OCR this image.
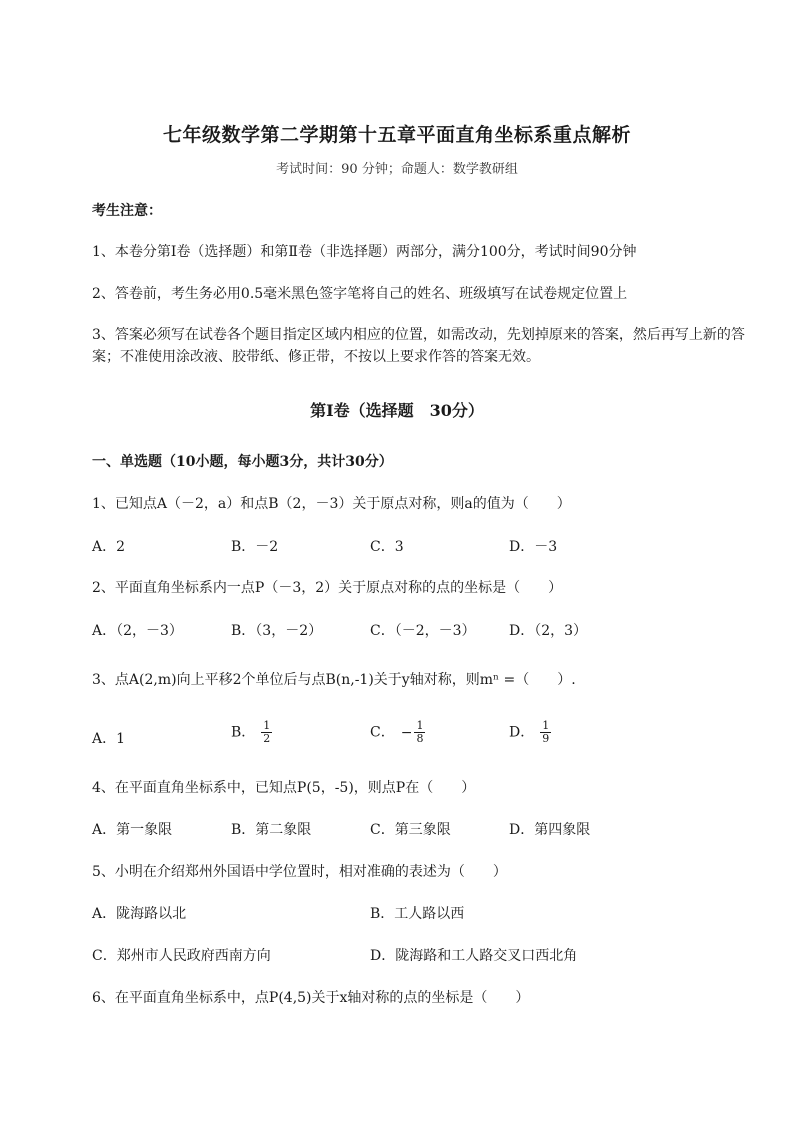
七年级数学第二学期第十五章平面直角坐标系重点解析
考试时间：90 分钟；命题人：数学教研组
考生注意：
1、本卷分第Ⅰ卷（选择题）和第Ⅱ卷（非选择题）两部分，满分100分，考试时间90分钟
2、答卷前，考生务必用0.5毫米黑色签字笔将自己的姓名、班级填写在试卷规定位置上
3、答案必须写在试卷各个题目指定区域内相应的位置，如需改动，先划掉原来的答案，然后再写上新的答案；不准使用涂改液、胶带纸、修正带，不按以上要求作答的答案无效。
第Ⅰ卷（选择题　30分）
一、单选题（10小题，每小题3分，共计30分）
1、已知点A（－2，a）和点B（2，－3）关于原点对称，则a的值为（　　）
A．2	B．－2	C．3	D．－3
2、平面直角坐标系内一点P（－3，2）关于原点对称的点的坐标是（　　）
A．（2，－3）	B．（3，－2）	C．（－2，－3） D．（2，3）
3、点A(2,m)向上平移2个单位后与点B(n,-1)关于y轴对称，则mⁿ =（　　）.
A．1	B． $\frac{1}{2}$	C． − $\frac{1}{8}$	D． $\frac{1}{9}$
4、在平面直角坐标系中，已知点P(5，-5)，则点P在（　　）
A．第一象限	B．第二象限	C．第三象限	D．第四象限
5、小明在介绍郑州外国语中学位置时，相对准确的表述为（　　）
A．陇海路以北	B．工人路以西
C．郑州市人民政府西南方向	D．陇海路和工人路交叉口西北角
6、在平面直角坐标系中，点P(4,5)关于x轴对称的点的坐标是（　　）
